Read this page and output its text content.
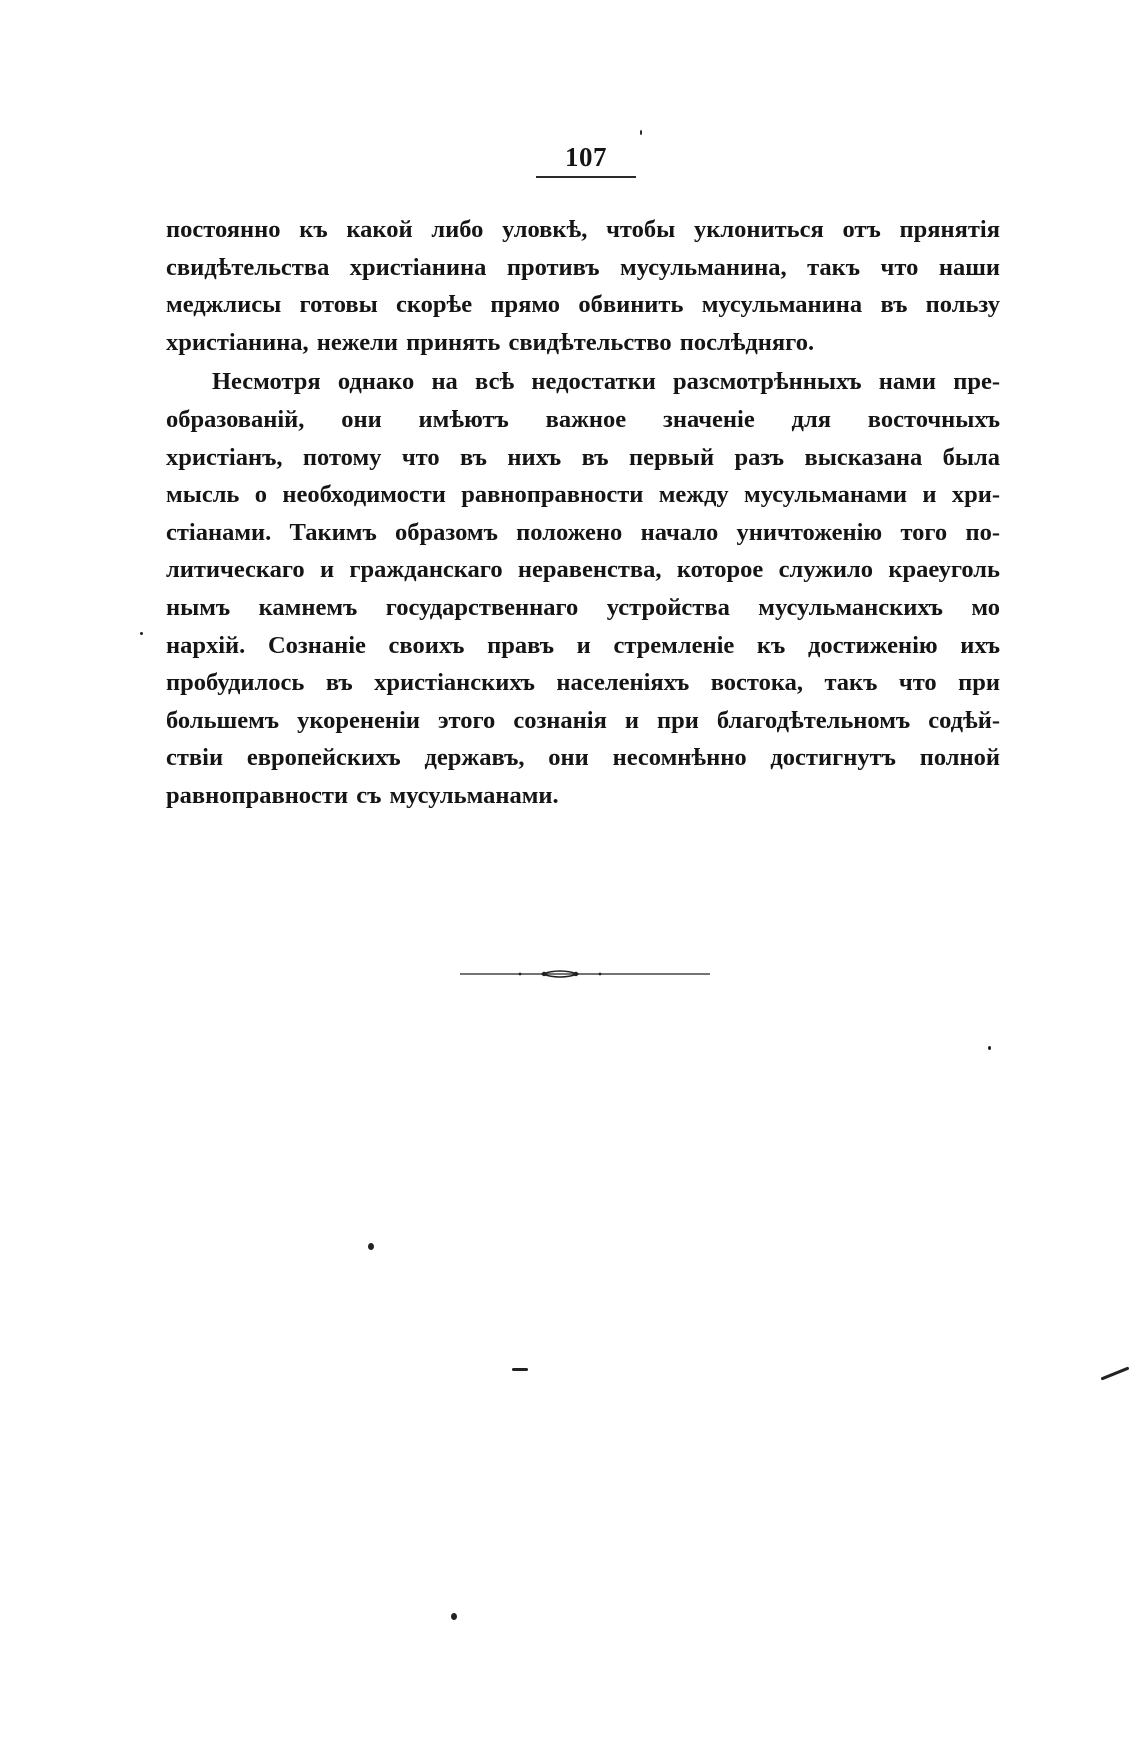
107
постоянно къ какой либо уловкѣ, чтобы уклониться отъ прянятія
свидѣтельства христіанина противъ мусульманина, такъ что наши
меджлисы готовы скорѣе прямо обвинить мусульманина въ пользу
христіанина, нежели принять свидѣтельство послѣдняго.
Несмотря однако на всѣ недостатки разсмотрѣнныхъ нами пре-
образованій, они имѣютъ важное значеніе для восточныхъ
христіанъ, потому что въ нихъ въ первый разъ высказана была
мысль о необходимости равноправности между мусульманами и хри-
стіанами. Такимъ образомъ положено начало уничтоженію того по-
литическаго и гражданскаго неравенства, которое служило краеуголь
нымъ камнемъ государственнаго устройства мусульманскихъ мо
нархій. Сознаніе своихъ правъ и стремленіе къ достиженію ихъ
пробудилось въ христіанскихъ населеніяхъ востока, такъ что при
большемъ укорененіи этого сознанія и при благодѣтельномъ содѣй-
ствіи европейскихъ державъ, они несомнѣнно достигнутъ полной
равноправности съ мусульманами.
